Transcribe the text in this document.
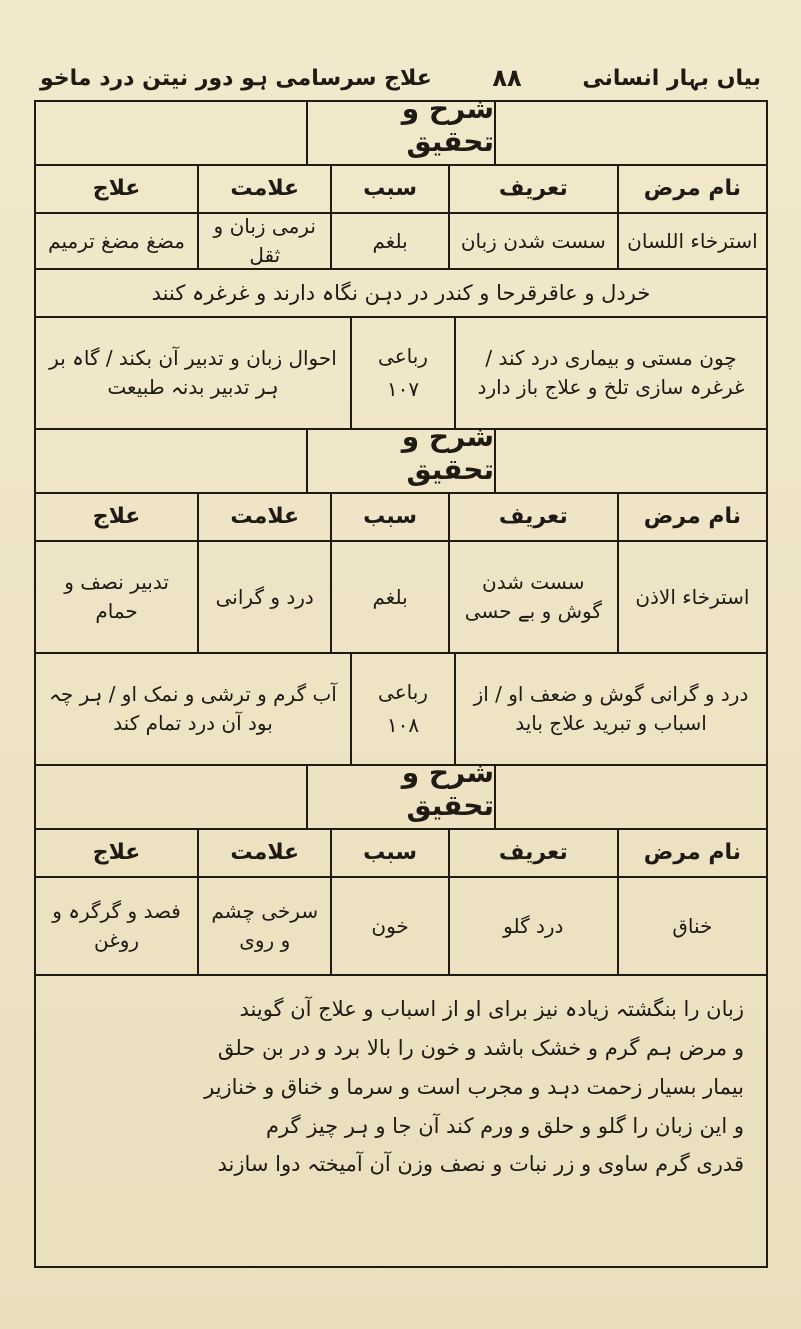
بیاں بہار انسانی
۸۸
علاج سرسامی ہو دور نیتن درد ماخو
شرح و تحقیق
نام مرض
تعریف
سبب
علامت
علاج
استرخاء اللسان
سست شدن زبان
بلغم
نرمی زبان و ثقل
مضغ مضغ ترمیم
خردل و عاقرقرحا و کندر در دہن نگاہ دارند و غرغرہ کنند
چون مستی و بیماری درد کند / غرغرہ سازی تلخ و علاج باز دارد
رباعی
۱۰۷
احوال زبان و تدبیر آن بکند / گاہ بر ہر تدبیر بدنہ طبیعت
شرح و تحقیق
نام مرض
تعریف
سبب
علامت
علاج
استرخاء الاذن
سست شدن گوش و بے حسی
بلغم
درد و گرانی
تدبیر نصف و حمام
درد و گرانی گوش و ضعف او / از اسباب و تبرید علاج باید
رباعی
۱۰۸
آب گرم و ترشی و نمک او / ہر چہ بود آن درد تمام کند
شرح و تحقیق
نام مرض
تعریف
سبب
علامت
علاج
خناق
درد گلو
خون
سرخی چشم و روی
فصد و گرگرہ و روغن
زبان را بنگشتہ زیادہ نیز برای او از اسباب و علاج آن گویند
و مرض ہم گرم و خشک باشد و خون را بالا برد و در بن حلق
بیمار بسیار زحمت دہد و مجرب است و سرما و خناق و خنازیر
و این زبان را گلو و حلق و ورم کند آن جا و ہر چیز گرم
قدری گرم ساوی و زر نبات و نصف وزن آن آمیختہ دوا سازند
